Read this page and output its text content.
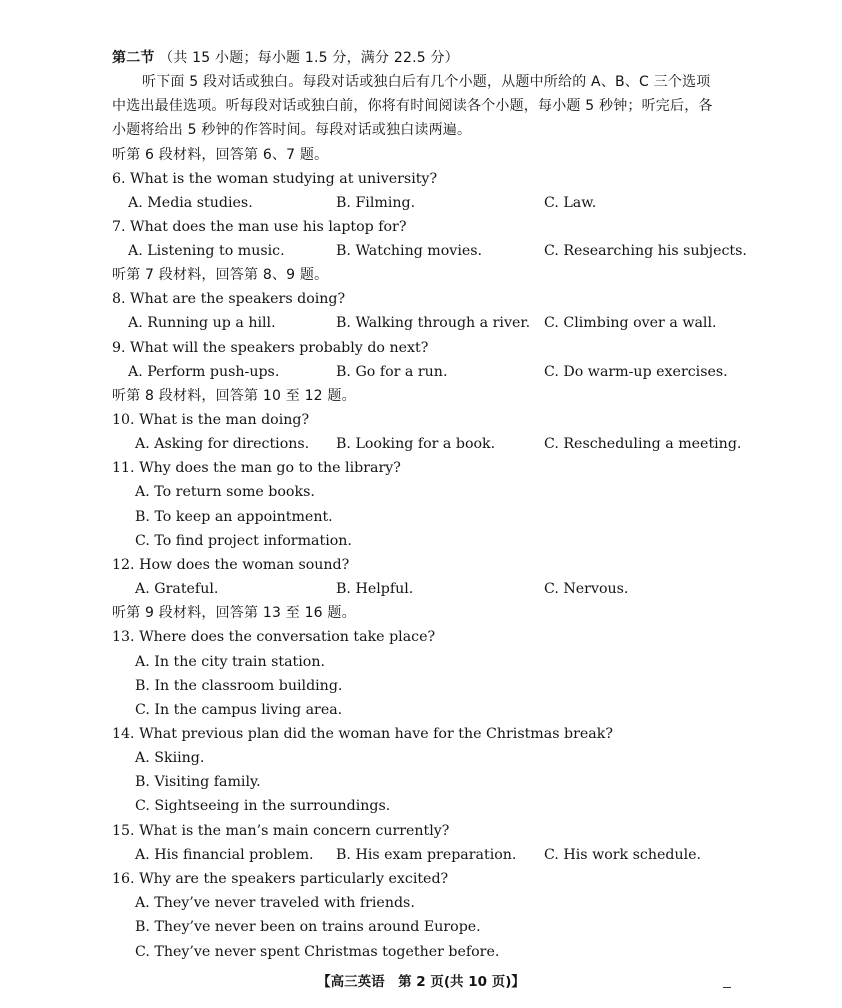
第二节 （共 15 小题；每小题 1.5 分，满分 22.5 分）
听下面 5 段对话或独白。每段对话或独白后有几个小题，从题中所给的 A、B、C 三个选项
中选出最佳选项。听每段对话或独白前，你将有时间阅读各个小题，每小题 5 秒钟；听完后，各
小题将给出 5 秒钟的作答时间。每段对话或独白读两遍。
听第 6 段材料，回答第 6、7 题。
6. What is the woman studying at university?
A. Media studies.	B. Filming.	C. Law.
7. What does the man use his laptop for?
A. Listening to music.	B. Watching movies.	C. Researching his subjects.
听第 7 段材料，回答第 8、9 题。
8. What are the speakers doing?
A. Running up a hill.	B. Walking through a river. C. Climbing over a wall.
9. What will the speakers probably do next?
A. Perform push-ups.	B. Go for a run.	C. Do warm-up exercises.
听第 8 段材料，回答第 10 至 12 题。
10. What is the man doing?
A. Asking for directions. B. Looking for a book.	C. Rescheduling a meeting.
11. Why does the man go to the library?
A. To return some books.
B. To keep an appointment.
C. To find project information.
12. How does the woman sound?
A. Grateful.	B. Helpful.	C. Nervous.
听第 9 段材料，回答第 13 至 16 题。
13. Where does the conversation take place?
A. In the city train station.
B. In the classroom building.
C. In the campus living area.
14. What previous plan did the woman have for the Christmas break?
A. Skiing.
B. Visiting family.
C. Sightseeing in the surroundings.
15. What is the man’s main concern currently?
A. His financial problem. B. His exam preparation. C. His work schedule.
16. Why are the speakers particularly excited?
A. They’ve never traveled with friends.
B. They’ve never been on trains around Europe.
C. They’ve never spent Christmas together before.
【高三英语　第 2 页(共 10 页)】
